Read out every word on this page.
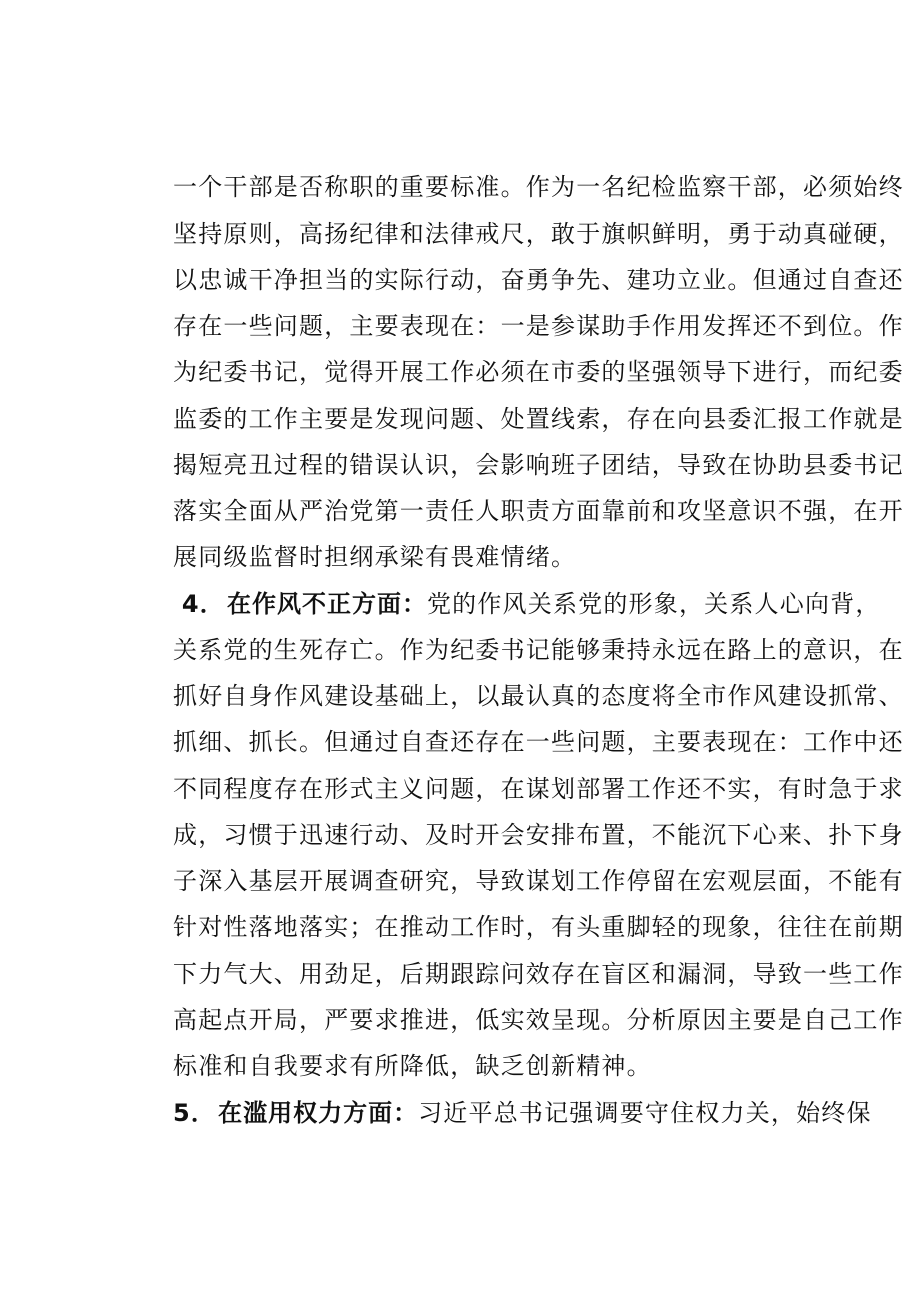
一个干部是否称职的重要标准。作为一名纪检监察干部，必须始终
坚持原则，高扬纪律和法律戒尺，敢于旗帜鲜明，勇于动真碰硬，
以忠诚干净担当的实际行动，奋勇争先、建功立业。但通过自查还
存在一些问题，主要表现在：一是参谋助手作用发挥还不到位。作
为纪委书记，觉得开展工作必须在市委的坚强领导下进行，而纪委
监委的工作主要是发现问题、处置线索，存在向县委汇报工作就是
揭短亮丑过程的错误认识，会影响班子团结，导致在协助县委书记
落实全面从严治党第一责任人职责方面靠前和攻坚意识不强，在开
展同级监督时担纲承梁有畏难情绪。
4．在作风不正方面：党的作风关系党的形象，关系人心向背，
关系党的生死存亡。作为纪委书记能够秉持永远在路上的意识，在
抓好自身作风建设基础上，以最认真的态度将全市作风建设抓常、
抓细、抓长。但通过自查还存在一些问题，主要表现在：工作中还
不同程度存在形式主义问题，在谋划部署工作还不实，有时急于求
成，习惯于迅速行动、及时开会安排布置，不能沉下心来、扑下身
子深入基层开展调查研究，导致谋划工作停留在宏观层面，不能有
针对性落地落实；在推动工作时，有头重脚轻的现象，往往在前期
下力气大、用劲足，后期跟踪问效存在盲区和漏洞，导致一些工作
高起点开局，严要求推进，低实效呈现。分析原因主要是自己工作
标准和自我要求有所降低，缺乏创新精神。
5．在滥用权力方面：习近平总书记强调要守住权力关，始终保
